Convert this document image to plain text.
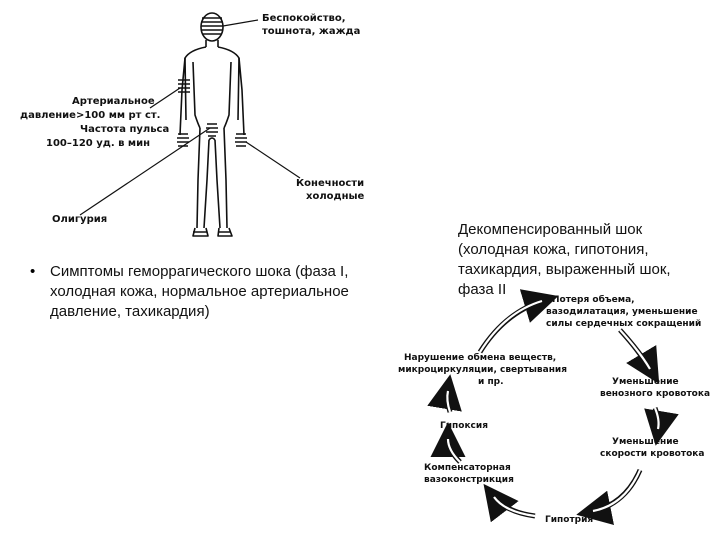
Беспокойство, тошнота, жажда
Артериальное давление>100 мм рт ст. Частота пульса 100–120 уд. в мин
Олигурия
Конечности холодные
Потеря объема, вазодилатация, уменьшение силы сердечных сокращений
Уменьшение венозного кровотока
Уменьшение скорости кровотока
Гипотрия
Компенсаторная вазоконстрикция
Гипоксия
Нарушение обмена веществ, микроциркуляции, свертывания и пр.
• Симптомы геморрагического шока (фаза I, холодная кожа, нормальное артериальное давление, тахикардия)
Декомпенсированный шок (холодная кожа, гипотония, тахикардия, выраженный шок, фаза II
